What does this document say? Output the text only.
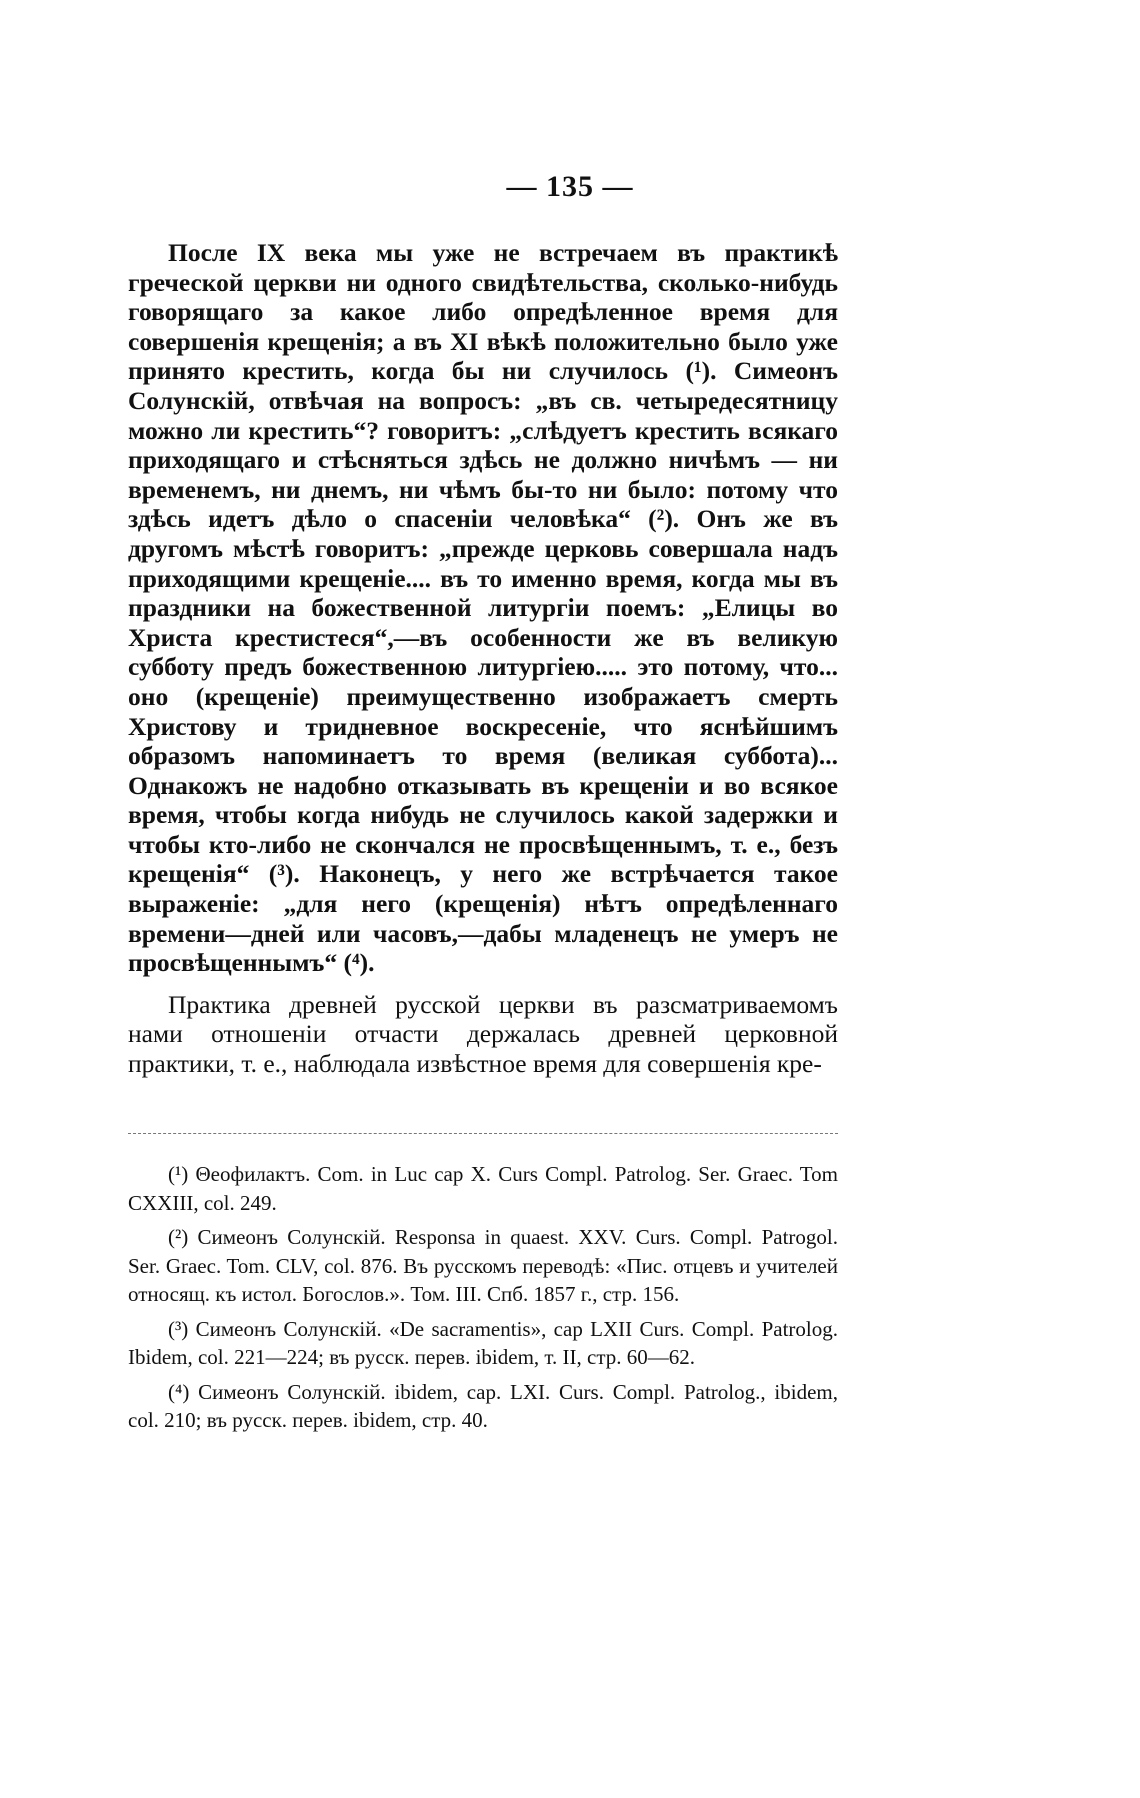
— 135 —

После IX века мы уже не встречаем въ практикѣ греческой церкви ни одного свидѣтельства, сколько-нибудь говорящаго за какое либо опредѣленное время для совершенія крещенія; а въ XI вѣкѣ положительно было уже принято крестить, когда бы ни случилось (¹). Симеонъ Солунскій, отвѣчая на вопросъ: „въ св. четыредесятницу можно ли крестить“? говоритъ: „слѣдуетъ крестить всякаго приходящаго и стѣсняться здѣсь не должно ничѣмъ — ни временемъ, ни днемъ, ни чѣмъ бы-то ни было: потому что здѣсь идетъ дѣло о спасеніи человѣка“ (²). Онъ же въ другомъ мѣстѣ говоритъ: „прежде церковь совершала надъ приходящими крещеніе.... въ то именно время, когда мы въ праздники на божественной литургіи поемъ: „Елицы во Христа крестистеся“,—въ особенности же въ великую субботу предъ божественною литургіею..... это потому, что... оно (крещеніе) преимущественно изображаетъ смерть Христову и тридневное воскресеніе, что яснѣйшимъ образомъ напоминаетъ то время (великая суббота)... Однакожъ не надобно отказывать въ крещеніи и во всякое время, чтобы когда нибудь не случилось какой задержки и чтобы кто-либо не скончался не просвѣщеннымъ, т. е., безъ крещенія“ (³). Наконецъ, у него же встрѣчается такое выраженіе: „для него (крещенія) нѣтъ опредѣленнаго времени—дней или часовъ,—дабы младенецъ не умеръ не просвѣщеннымъ“ (⁴).

Практика древней русской церкви въ разсматриваемомъ нами отношеніи отчасти держалась древней церковной практики, т. е., наблюдала извѣстное время для совершенія кре-

(¹) Θеофилактъ. Com. in Luc cap X. Curs Compl. Patrolog. Ser. Graec. Tom CXXIII, col. 249.

(²) Симеонъ Солунскій. Responsa in quaest. XXV. Curs. Compl. Patrogol. Ser. Graec. Tom. CLV, col. 876. Въ русскомъ переводѣ: «Пис. отцевъ и учителей относящ. къ истол. Богослов.». Том. III. Спб. 1857 г., стр. 156.

(³) Симеонъ Солунскій. «De sacramentis», cap LXII Curs. Compl. Patrolog. Ibidem, col. 221—224; въ русск. перев. ibidem, т. II, стр. 60—62.

(⁴) Симеонъ Солунскій. ibidem, cap. LXI. Curs. Compl. Patrolog., ibidem, col. 210; въ русск. перев. ibidem, стр. 40.
